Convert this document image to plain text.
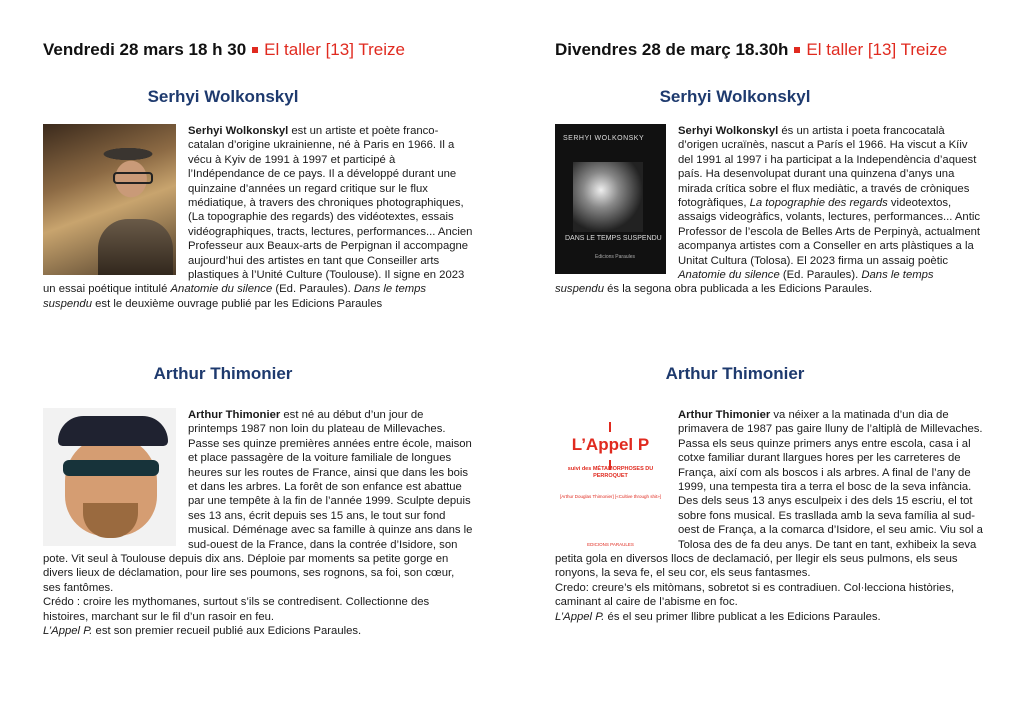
Vendredi 28 mars 18 h 30 El taller [13] Treize
Serhyi Wolkonskyl
Serhyi Wolkonskyl est un artiste et poète franco-catalan d’origine ukrainienne, né à Paris en 1966. Il a vécu à Kyiv de 1991 à 1997 et participé à l’Indépendance de ce pays. Il a développé durant une quinzaine d’années un regard critique sur le flux médiatique, à travers des chroniques photographiques, (La topographie des regards) des vidéotextes, essais vidéographiques, tracts, lectures, performances... Ancien Professeur aux Beaux-arts de Perpignan il accompagne aujourd’hui des artistes en tant que Conseiller arts plastiques à l’Unité Culture (Toulouse). Il signe en 2023 un essai poétique intitulé Anatomie du silence (Ed. Paraules). Dans le temps suspendu est le deuxième ouvrage publié par les Edicions Paraules
Arthur Thimonier
Arthur Thimonier est né au début d’un jour de printemps 1987 non loin du plateau de Millevaches. Passe ses quinze premières années entre école, maison et place passagère de la voiture familiale de longues heures sur les routes de France, ainsi que dans les bois et dans les arbres. La forêt de son enfance est abattue par une tempête à la fin de l’année 1999. Sculpte depuis ses 13 ans, écrit depuis ses 15 ans, le tout sur fond musical. Déménage avec sa famille à quinze ans dans le sud-ouest de la France, dans la contrée d’Isidore, son pote. Vit seul à Toulouse depuis dix ans. Déploie par moments sa petite gorge en divers lieux de déclamation, pour lire ses poumons, ses rognons, sa foi, son cœur, ses fantômes.

Crédo : croire les mythomanes, surtout s’ils se contredisent. Collectionne des histoires, marchant sur le fil d’un rasoir en feu.

L’Appel P. est son premier recueil publié aux Edicions Paraules.

Divendres 28 de març 18.30h El taller [13] Treize
Serhyi Wolkonskyl
SERHYI WOLKONSKY
DANS LE TEMPS SUSPENDU
Edicions Paraules
Serhyi Wolkonskyl és un artista i poeta francocatalà d’origen ucraïnès, nascut a París el 1966. Ha viscut a Kíiv del 1991 al 1997 i ha participat a la Independència d’aquest país. Ha desenvolupat durant una quinzena d’anys una mirada crítica sobre el flux mediàtic, a través de cròniques fotogràfiques, La topographie des regards videotextos, assaigs videogràfics, volants, lectures, performances... Antic Professor de l’escola de Belles Arts de Perpinyà, actualment acompanya artistes com a Conseller en arts plàstiques a la Unitat Cultura (Tolosa). El 2023 firma un assaig poètic Anatomie du silence (Ed. Paraules). Dans le temps suspendu és la segona obra publicada a les Edicions Paraules.
Arthur Thimonier
L’Appel P
suivi des MÉTAMORPHOSES DU PERROQUET
[Arthur Douglas Thimonier] [«Cultive through shit»]
EDICIONS PARAULES
Arthur Thimonier va néixer a la matinada d’un dia de primavera de 1987 pas gaire lluny de l’altiplà de Millevaches. Passa els seus quinze primers anys entre escola, casa i al cotxe familiar durant llargues hores per les carreteres de França, així com als boscos i als arbres. A final de l’any de 1999, una tempesta tira a terra el bosc de la seva infància. Des dels seus 13 anys esculpeix i des dels 15 escriu, el tot sobre fons musical. Es trasllada amb la seva família al sud-oest de França, a la comarca d’Isidore, el seu amic. Viu sol a Tolosa des de fa deu anys. De tant en tant, exhibeix la seva petita gola en diversos llocs de declamació, per llegir els seus pulmons, els seus ronyons, la seva fe, el seu cor, els seus fantasmes.

Credo: creure’s els mitòmans, sobretot si es contradiuen. Col·lecciona històries, caminant al caire de l’abisme en foc.

L’Appel P. és el seu primer llibre publicat a les Edicions Paraules.
